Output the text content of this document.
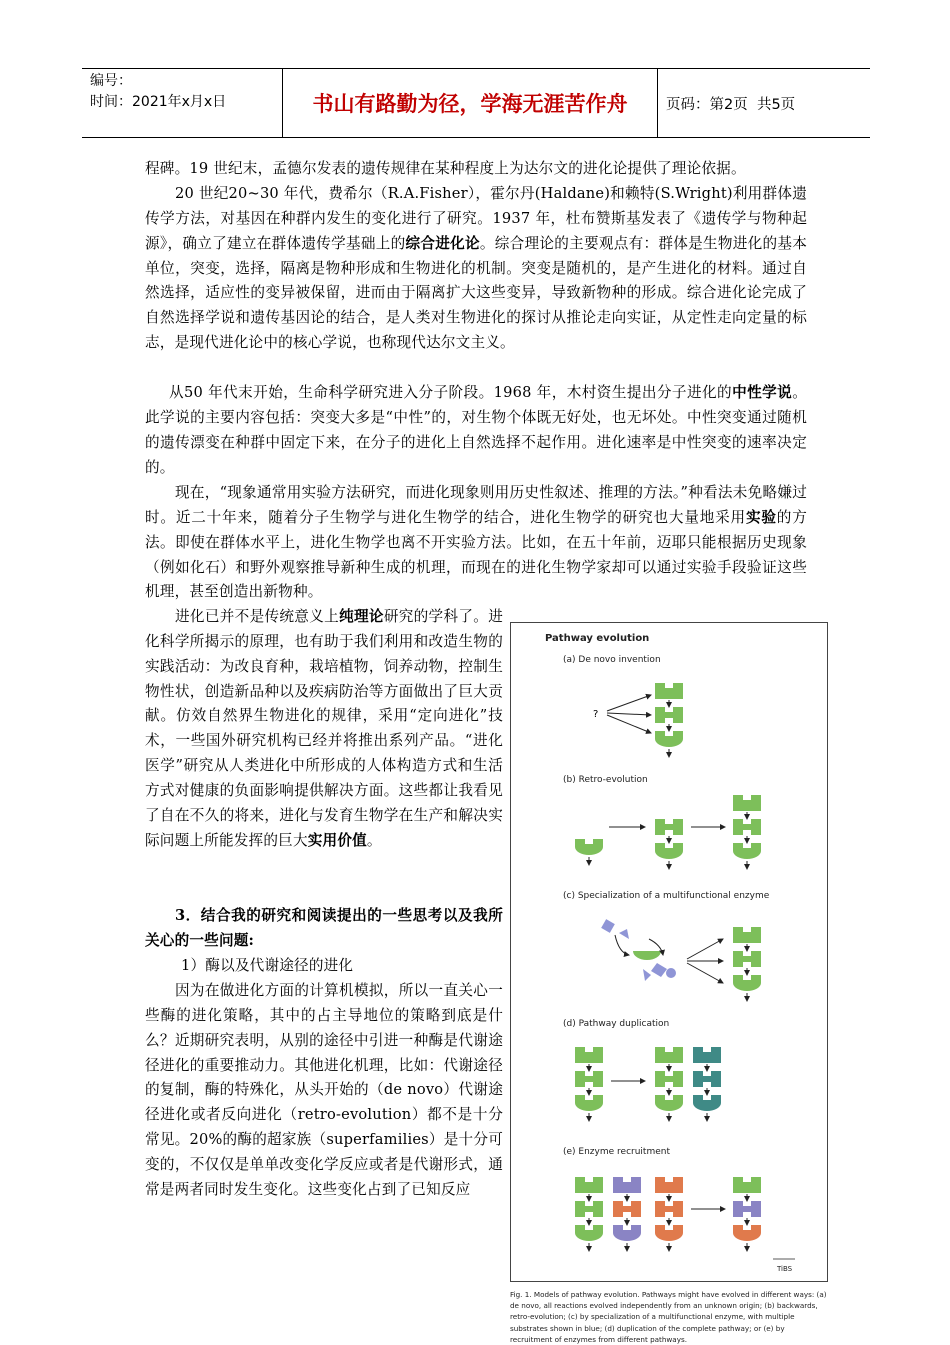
编号：
时间：2021年x月x日	书山有路勤为径，学海无涯苦作舟	页码：第2页  共5页
程碑。19 世纪末，孟德尔发表的遗传规律在某种程度上为达尔文的进化论提供了理论依据。
20 世纪20~30 年代，费希尔（R.A.Fisher），霍尔丹(Haldane)和赖特(S.Wright)利用群体遗传学方法，对基因在种群内发生的变化进行了研究。1937 年，杜布赞斯基发表了《遗传学与物种起源》，确立了建立在群体遗传学基础上的综合进化论。综合理论的主要观点有：群体是生物进化的基本单位，突变，选择，隔离是物种形成和生物进化的机制。突变是随机的，是产生进化的材料。通过自然选择，适应性的变异被保留，进而由于隔离扩大这些变异，导致新物种的形成。综合进化论完成了自然选择学说和遗传基因论的结合，是人类对生物进化的探讨从推论走向实证，从定性走向定量的标志，是现代进化论中的核心学说，也称现代达尔文主义。
从50 年代末开始，生命科学研究进入分子阶段。1968 年，木村资生提出分子进化的中性学说。此学说的主要内容包括：突变大多是“中性”的，对生物个体既无好处，也无坏处。中性突变通过随机的遗传漂变在种群中固定下来，在分子的进化上自然选择不起作用。进化速率是中性突变的速率决定的。
现在，“现象通常用实验方法研究，而进化现象则用历史性叙述、推理的方法。”种看法未免略嫌过时。近二十年来，随着分子生物学与进化生物学的结合，进化生物学的研究也大量地采用实验的方法。即使在群体水平上，进化生物学也离不开实验方法。比如，在五十年前，迈耶只能根据历史现象（例如化石）和野外观察推导新种生成的机理，而现在的进化生物学家却可以通过实验手段验证这些机理，甚至创造出新物种。
进化已并不是传统意义上纯理论研究的学科了。进化科学所揭示的原理，也有助于我们利用和改造生物的实践活动：为改良育种，栽培植物，饲养动物，控制生物性状，创造新品种以及疾病防治等方面做出了巨大贡献。仿效自然界生物进化的规律，采用“定向进化”技术，一些国外研究机构已经并将推出系列产品。“进化医学”研究从人类进化中所形成的人体构造方式和生活方式对健康的负面影响提供解决方面。这些都让我看见了自在不久的将来，进化与发育生物学在生产和解决实际问题上所能发挥的巨大实用价值。
3．结合我的研究和阅读提出的一些思考以及我所关心的一些问题:
1）酶以及代谢途径的进化
因为在做进化方面的计算机模拟，所以一直关心一些酶的进化策略，其中的占主导地位的策略到底是什么？近期研究表明，从别的途径中引进一种酶是代谢途径进化的重要推动力。其他进化机理，比如：代谢途径的复制，酶的特殊化，从头开始的（de novo）代谢途径进化或者反向进化（retro-evolution）都不是十分常见。20%的酶的超家族（superfamilies）是十分可变的，不仅仅是单单改变化学反应或者是代谢形式，通常是两者同时发生变化。这些变化占到了已知反应
Pathway evolution
(a) De novo invention
(b) Retro-evolution
(c) Specialization of a multifunctional enzyme
(d) Pathway duplication
(e) Enzyme recruitment
?
TiBS
Fig. 1. Models of pathway evolution. Pathways might have evolved in different ways: (a) de novo, all reactions evolved independently from an unknown origin; (b) backwards, retro-evolution; (c) by specialization of a multifunctional enzyme, with multiple substrates shown in blue; (d) duplication of the complete pathway; or (e) by recruitment of enzymes from different pathways.
